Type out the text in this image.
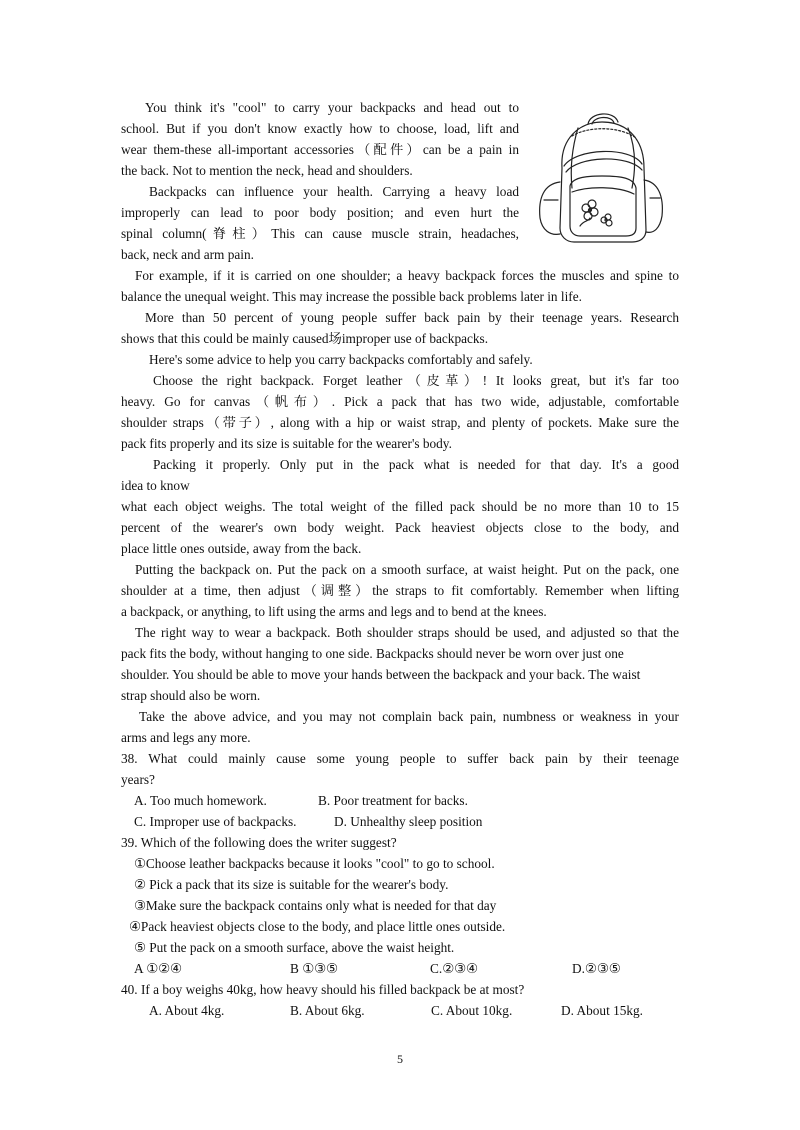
You think it's "cool" to carry your backpacks and head out to
school. But if you don't know exactly how to choose, load, lift and
wear them-these all-important accessories（配件）can be a pain in
the back. Not to mention the neck, head and shoulders.
Backpacks can influence your health. Carrying a heavy load
improperly can lead to poor body position; and even hurt the
spinal column(脊柱）This can cause muscle strain, headaches,
back, neck and arm pain.
For example, if it is carried on one shoulder; a heavy backpack forces the muscles and spine to
balance the unequal weight. This may increase the possible back problems later in life.
More than 50 percent of young people suffer back pain by their teenage years. Research
shows that this could be mainly caused场improper use of backpacks.
Here's some advice to help you carry backpacks comfortably and safely.
Choose the right backpack. Forget leather（皮革）! It looks great, but it's far too
heavy. Go for canvas（帆布）. Pick a pack that has two wide, adjustable, comfortable
shoulder straps（带子）, along with a hip or waist strap, and plenty of pockets. Make sure the
pack fits properly and its size is suitable for the wearer's body.
Packing it properly. Only put in the pack what is needed for that day. It's a good
idea to know
what each object weighs. The total weight of the filled pack should be no more than 10 to 15
percent of the wearer's own body weight. Pack heaviest objects close to the body, and
place little ones outside, away from the back.
Putting the backpack on. Put the pack on a smooth surface, at waist height. Put on the pack, one
shoulder at a time, then adjust（调整）the straps to fit comfortably. Remember when lifting
a backpack, or anything, to lift using the arms and legs and to bend at the knees.
The right way to wear a backpack. Both shoulder straps should be used, and adjusted so that the
pack fits the body, without hanging to one side. Backpacks should never be worn over just one
shoulder. You should be able to move your hands between the backpack and your back. The waist
strap should also be worn.
Take the above advice, and you may not complain back pain, numbness or weakness in your
arms and legs any more.
38. What could mainly cause some young people to suffer back pain by their teenage
years?
A. Too much homework.	B. Poor treatment for backs.
C. Improper use of backpacks.	D. Unhealthy sleep position
39. Which of the following does the writer suggest?
①Choose leather backpacks because it looks "cool" to go to school.
② Pick a pack that its size is suitable for the wearer's body.
③Make sure the backpack contains only what is needed for that day
④Pack heaviest objects close to the body, and place little ones outside.
⑤ Put the pack on a smooth surface, above the waist height.
A ①②④	B ①③⑤	C.②③④	D.②③⑤
40. If a boy weighs 40kg, how heavy should his filled backpack be at most?
A. About 4kg.	B. About 6kg.	C. About 10kg.	D. About 15kg.
5
